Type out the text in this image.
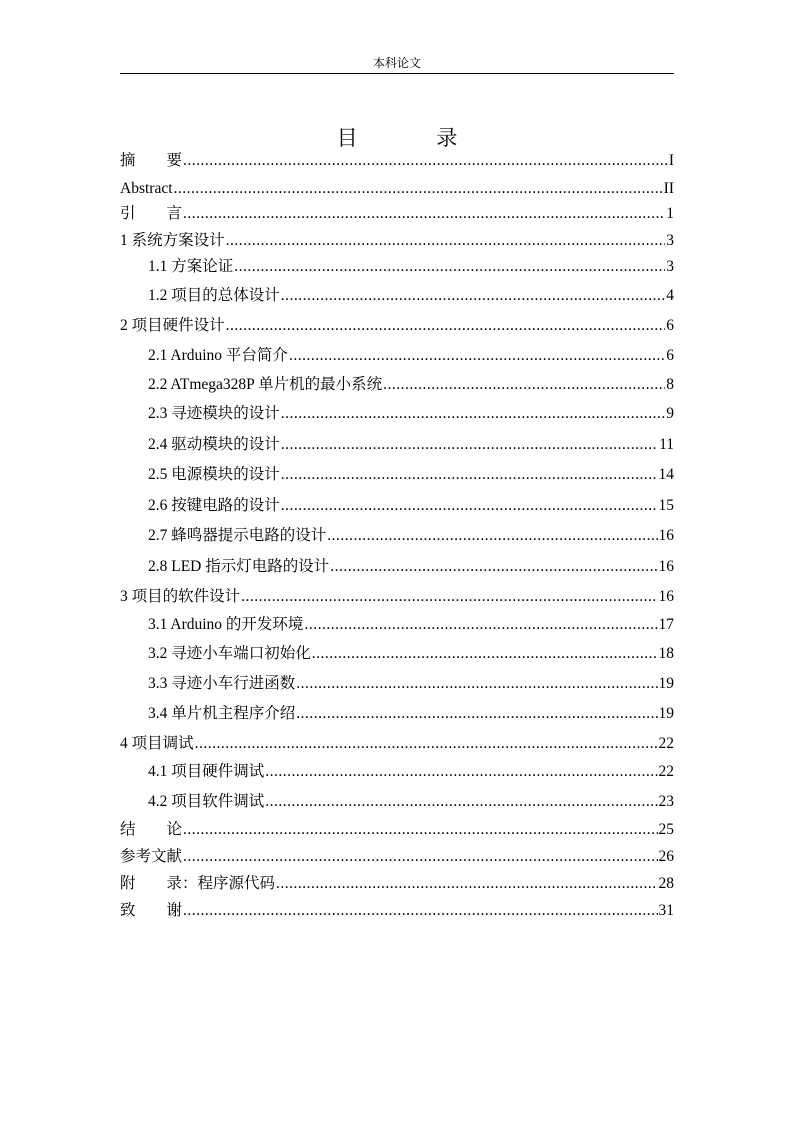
本科论文
目 录
摘　　要 .....	I
Abstract .....	II
引　　言 .....	1
1 系统方案设计 .....	3
1.1 方案论证 .....	3
1.2 项目的总体设计 .....	4
2 项目硬件设计 .....	6
2.1 Arduino 平台简介 .....	6
2.2 ATmega328P 单片机的最小系统 .....	8
2.3 寻迹模块的设计 .....	9
2.4 驱动模块的设计 .....	11
2.5 电源模块的设计 .....	14
2.6 按键电路的设计 .....	15
2.7 蜂鸣器提示电路的设计 .....	16
2.8 LED 指示灯电路的设计 .....	16
3 项目的软件设计 .....	16
3.1 Arduino 的开发环境 .....	17
3.2 寻迹小车端口初始化 .....	18
3.3 寻迹小车行进函数 .....	19
3.4 单片机主程序介绍 .....	19
4 项目调试 .....	22
4.1 项目硬件调试 .....	22
4.2 项目软件调试 .....	23
结　　论 .....	25
参考文献 .....	26
附　　录：程序源代码 .....	28
致　　谢 .....	31
